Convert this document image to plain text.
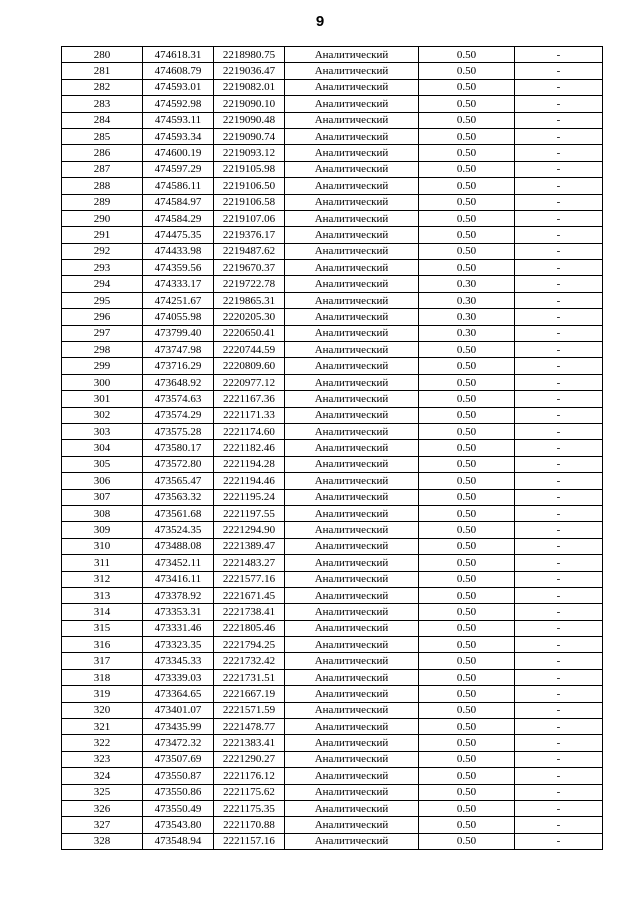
9
280	474618.31	2218980.75	Аналитический	0.50	-
281	474608.79	2219036.47	Аналитический	0.50	-
282	474593.01	2219082.01	Аналитический	0.50	-
283	474592.98	2219090.10	Аналитический	0.50	-
284	474593.11	2219090.48	Аналитический	0.50	-
285	474593.34	2219090.74	Аналитический	0.50	-
286	474600.19	2219093.12	Аналитический	0.50	-
287	474597.29	2219105.98	Аналитический	0.50	-
288	474586.11	2219106.50	Аналитический	0.50	-
289	474584.97	2219106.58	Аналитический	0.50	-
290	474584.29	2219107.06	Аналитический	0.50	-
291	474475.35	2219376.17	Аналитический	0.50	-
292	474433.98	2219487.62	Аналитический	0.50	-
293	474359.56	2219670.37	Аналитический	0.50	-
294	474333.17	2219722.78	Аналитический	0.30	-
295	474251.67	2219865.31	Аналитический	0.30	-
296	474055.98	2220205.30	Аналитический	0.30	-
297	473799.40	2220650.41	Аналитический	0.30	-
298	473747.98	2220744.59	Аналитический	0.50	-
299	473716.29	2220809.60	Аналитический	0.50	-
300	473648.92	2220977.12	Аналитический	0.50	-
301	473574.63	2221167.36	Аналитический	0.50	-
302	473574.29	2221171.33	Аналитический	0.50	-
303	473575.28	2221174.60	Аналитический	0.50	-
304	473580.17	2221182.46	Аналитический	0.50	-
305	473572.80	2221194.28	Аналитический	0.50	-
306	473565.47	2221194.46	Аналитический	0.50	-
307	473563.32	2221195.24	Аналитический	0.50	-
308	473561.68	2221197.55	Аналитический	0.50	-
309	473524.35	2221294.90	Аналитический	0.50	-
310	473488.08	2221389.47	Аналитический	0.50	-
311	473452.11	2221483.27	Аналитический	0.50	-
312	473416.11	2221577.16	Аналитический	0.50	-
313	473378.92	2221671.45	Аналитический	0.50	-
314	473353.31	2221738.41	Аналитический	0.50	-
315	473331.46	2221805.46	Аналитический	0.50	-
316	473323.35	2221794.25	Аналитический	0.50	-
317	473345.33	2221732.42	Аналитический	0.50	-
318	473339.03	2221731.51	Аналитический	0.50	-
319	473364.65	2221667.19	Аналитический	0.50	-
320	473401.07	2221571.59	Аналитический	0.50	-
321	473435.99	2221478.77	Аналитический	0.50	-
322	473472.32	2221383.41	Аналитический	0.50	-
323	473507.69	2221290.27	Аналитический	0.50	-
324	473550.87	2221176.12	Аналитический	0.50	-
325	473550.86	2221175.62	Аналитический	0.50	-
326	473550.49	2221175.35	Аналитический	0.50	-
327	473543.80	2221170.88	Аналитический	0.50	-
328	473548.94	2221157.16	Аналитический	0.50	-
